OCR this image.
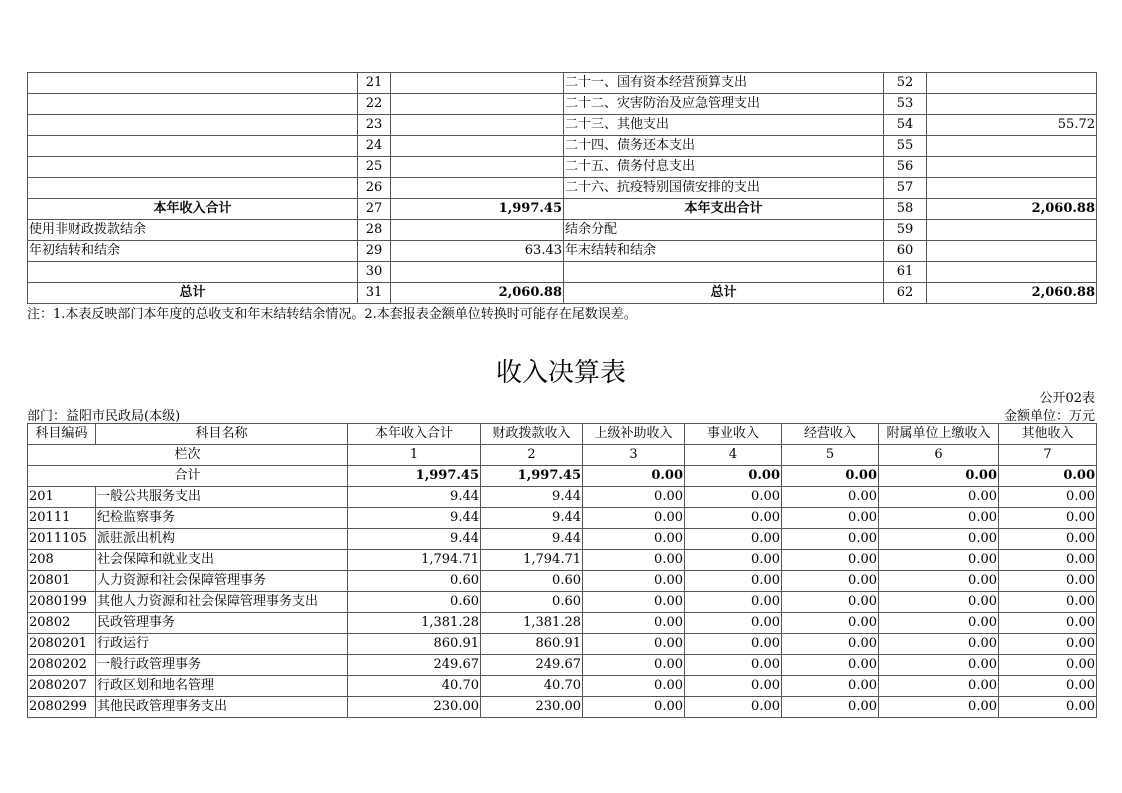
	21		二十一、国有资本经营预算支出	52	
	22		二十二、灾害防治及应急管理支出	53	
	23		二十三、其他支出	54	55.72
	24		二十四、债务还本支出	55	
	25		二十五、债务付息支出	56	
	26		二十六、抗疫特别国债安排的支出	57	
本年收入合计	27	1,997.45	本年支出合计	58	2,060.88
使用非财政拨款结余	28		结余分配	59	
年初结转和结余	29	63.43	年末结转和结余	60	
	30			61	
总计	31	2,060.88	总计	62	2,060.88
注：1.本表反映部门本年度的总收支和年末结转结余情况。2.本套报表金额单位转换时可能存在尾数误差。
收入决算表
公开02表
部门：益阳市民政局(本级)	金额单位：万元
科目编码	科目名称	本年收入合计	财政拨款收入	上级补助收入	事业收入	经营收入	附属单位上缴收入	其他收入
栏次		1	2	3	4	5	6	7
合计		1,997.45	1,997.45	0.00	0.00	0.00	0.00	0.00
201	一般公共服务支出	9.44	9.44	0.00	0.00	0.00	0.00	0.00
20111	纪检监察事务	9.44	9.44	0.00	0.00	0.00	0.00	0.00
2011105	派驻派出机构	9.44	9.44	0.00	0.00	0.00	0.00	0.00
208	社会保障和就业支出	1,794.71	1,794.71	0.00	0.00	0.00	0.00	0.00
20801	人力资源和社会保障管理事务	0.60	0.60	0.00	0.00	0.00	0.00	0.00
2080199	其他人力资源和社会保障管理事务支出	0.60	0.60	0.00	0.00	0.00	0.00	0.00
20802	民政管理事务	1,381.28	1,381.28	0.00	0.00	0.00	0.00	0.00
2080201	行政运行	860.91	860.91	0.00	0.00	0.00	0.00	0.00
2080202	一般行政管理事务	249.67	249.67	0.00	0.00	0.00	0.00	0.00
2080207	行政区划和地名管理	40.70	40.70	0.00	0.00	0.00	0.00	0.00
2080299	其他民政管理事务支出	230.00	230.00	0.00	0.00	0.00	0.00	0.00
